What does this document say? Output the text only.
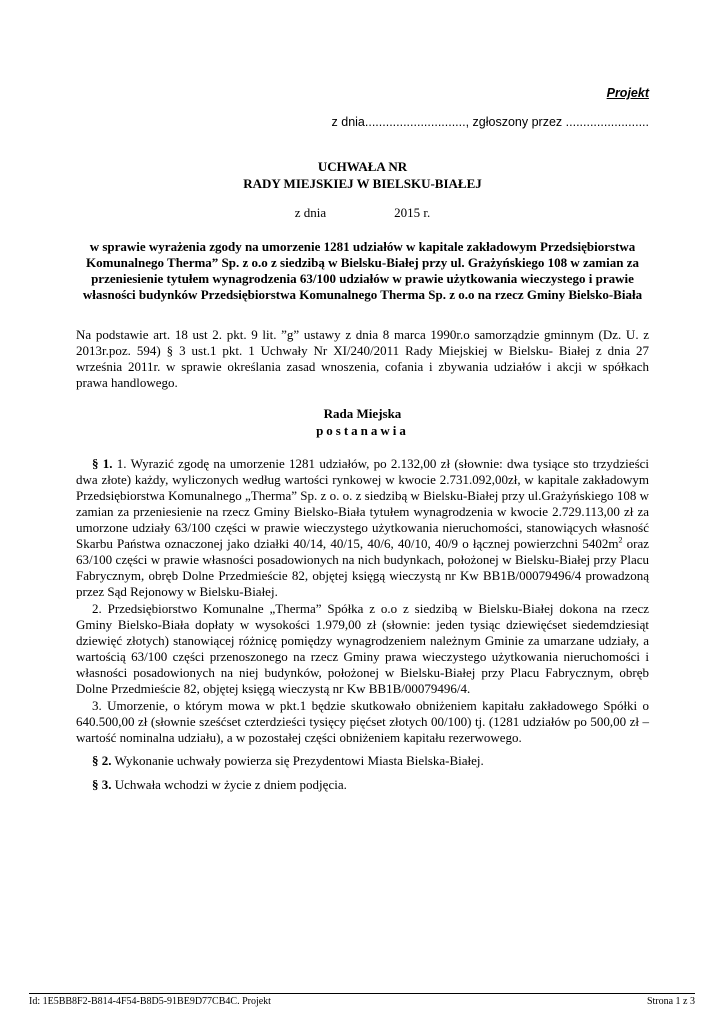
Projekt
z dnia............................., zgłoszony przez ........................
UCHWAŁA NR
RADY MIEJSKIEJ W BIELSKU-BIAŁEJ
z dnia	2015 r.
w sprawie wyrażenia zgody na umorzenie 1281 udziałów w kapitale zakładowym Przedsiębiorstwa Komunalnego Therma” Sp. z o.o z siedzibą w Bielsku-Białej przy ul. Grażyńskiego 108 w zamian za przeniesienie tytułem wynagrodzenia 63/100 udziałów w prawie użytkowania wieczystego i prawie własności budynków Przedsiębiorstwa Komunalnego Therma Sp. z o.o na rzecz Gminy Bielsko-Biała
Na podstawie art. 18 ust 2. pkt. 9 lit. ”g” ustawy z dnia 8 marca 1990r.o samorządzie gminnym (Dz. U. z 2013r.poz. 594) § 3 ust.1 pkt. 1 Uchwały Nr XI/240/2011 Rady Miejskiej w Bielsku- Białej z dnia 27 września 2011r. w sprawie określania zasad wnoszenia, cofania i zbywania udziałów i akcji w spółkach prawa handlowego.
Rada Miejska
postanawia
§ 1. 1. Wyrazić zgodę na umorzenie 1281 udziałów, po 2.132,00 zł (słownie: dwa tysiące sto trzydzieści dwa złote) każdy, wyliczonych według wartości rynkowej w kwocie 2.731.092,00zł, w kapitale zakładowym Przedsiębiorstwa Komunalnego „Therma” Sp. z o. o. z siedzibą w Bielsku-Białej przy ul.Grażyńskiego 108 w zamian za przeniesienie na rzecz Gminy Bielsko-Biała tytułem wynagrodzenia w kwocie 2.729.113,00 zł za umorzone udziały 63/100 części w prawie wieczystego użytkowania nieruchomości, stanowiących własność Skarbu Państwa oznaczonej jako działki 40/14, 40/15, 40/6, 40/10, 40/9 o łącznej powierzchni $5402m^2$ oraz 63/100 części w prawie własności posadowionych na nich budynkach, położonej w Bielsku-Białej przy Placu Fabrycznym, obręb Dolne Przedmieście 82, objętej księgą wieczystą nr Kw BB1B/00079496/4 prowadzoną przez Sąd Rejonowy w Bielsku-Białej.
2. Przedsiębiorstwo Komunalne „Therma” Spółka z o.o z siedzibą w Bielsku-Białej dokona na rzecz Gminy Bielsko-Biała dopłaty w wysokości 1.979,00 zł (słownie: jeden tysiąc dziewięćset siedemdziesiąt dziewięć złotych) stanowiącej różnicę pomiędzy wynagrodzeniem należnym Gminie za umarzane udziały, a wartością 63/100 części przenoszonego na rzecz Gminy prawa wieczystego użytkowania nieruchomości i własności posadowionych na niej budynków, położonej w Bielsku-Białej przy Placu Fabrycznym, obręb Dolne Przedmieście 82, objętej księgą wieczystą nr Kw BB1B/00079496/4.
3. Umorzenie, o którym mowa w pkt.1 będzie skutkowało obniżeniem kapitału zakładowego Spółki o 640.500,00 zł (słownie sześćset czterdzieści tysięcy pięćset złotych 00/100) tj. (1281 udziałów po 500,00 zł – wartość nominalna udziału), a w pozostałej części obniżeniem kapitału rezerwowego.
§ 2. Wykonanie uchwały powierza się Prezydentowi Miasta Bielska-Białej.
§ 3. Uchwała wchodzi w życie z dniem podjęcia.
Id: 1E5BB8F2-B814-4F54-B8D5-91BE9D77CB4C. Projekt	Strona 1 z 3
